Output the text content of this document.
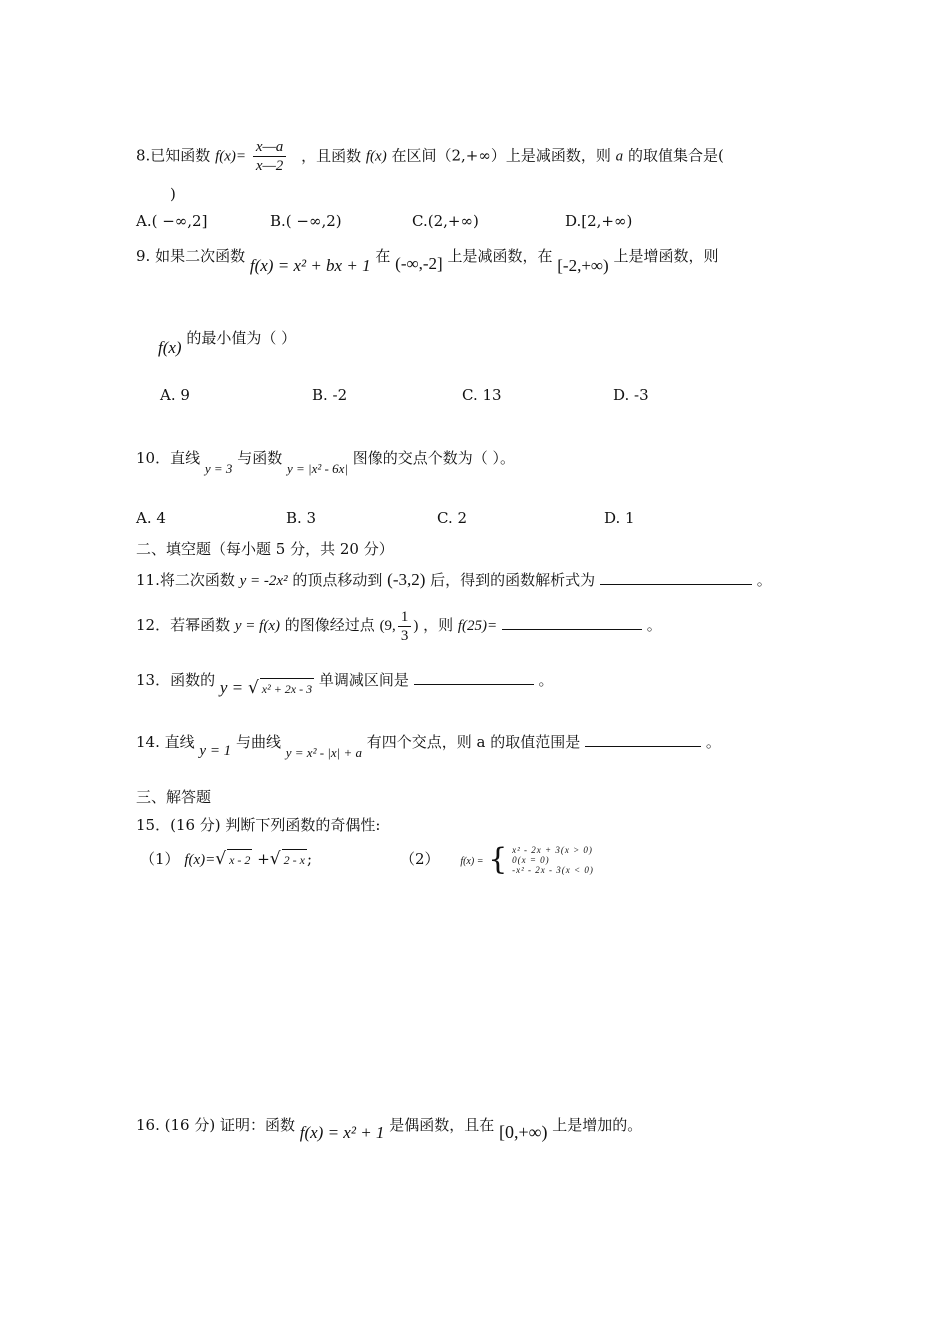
8.已知函数 $f(x)= \frac{x—a}{x—2}$ ，且函数 f(x) 在区间（2,+∞）上是减函数，则 a 的取值集合是(
)
A.( −∞,2]	B.( −∞,2)	C.(2,+∞)	D.[2,+∞)
9. 如果二次函数 f(x) = x² + bx + 1 在 (-∞,-2] 上是减函数，在 [-2,+∞) 上是增函数，则
f(x) 的最小值为（ ）
A. 9	B. -2	C. 13	D. -3
10．直线 y = 3 与函数 y = |x² - 6x| 图像的交点个数为（ ）。
A. 4	B. 3	C. 2	D. 1
二、填空题（每小题 5 分，共 20 分）
11.将二次函数 y = -2x² 的顶点移动到 (-3,2) 后，得到的函数解析式为	。
12．若幂函数 y = f(x) 的图像经过点 (9, $\frac{1}{3}$ ) ，则 f(25)=	。
13．函数的 y = √ x² + 2x - 3 单调减区间是	。
14. 直线 y = 1 与曲线 y = x² - |x| + a 有四个交点，则 a 的取值范围是	。
三、解答题
15．(16 分) 判断下列函数的奇偶性:
（1） f(x)=√ x - 2 +√ 2 - x ;	（2） f(x) = { x² - 2x + 3(x > 0)
0(x = 0)
-x² - 2x - 3(x < 0)
16. (16 分) 证明：函数 f(x) = x² + 1 是偶函数，且在 [0,+∞) 上是增加的。
